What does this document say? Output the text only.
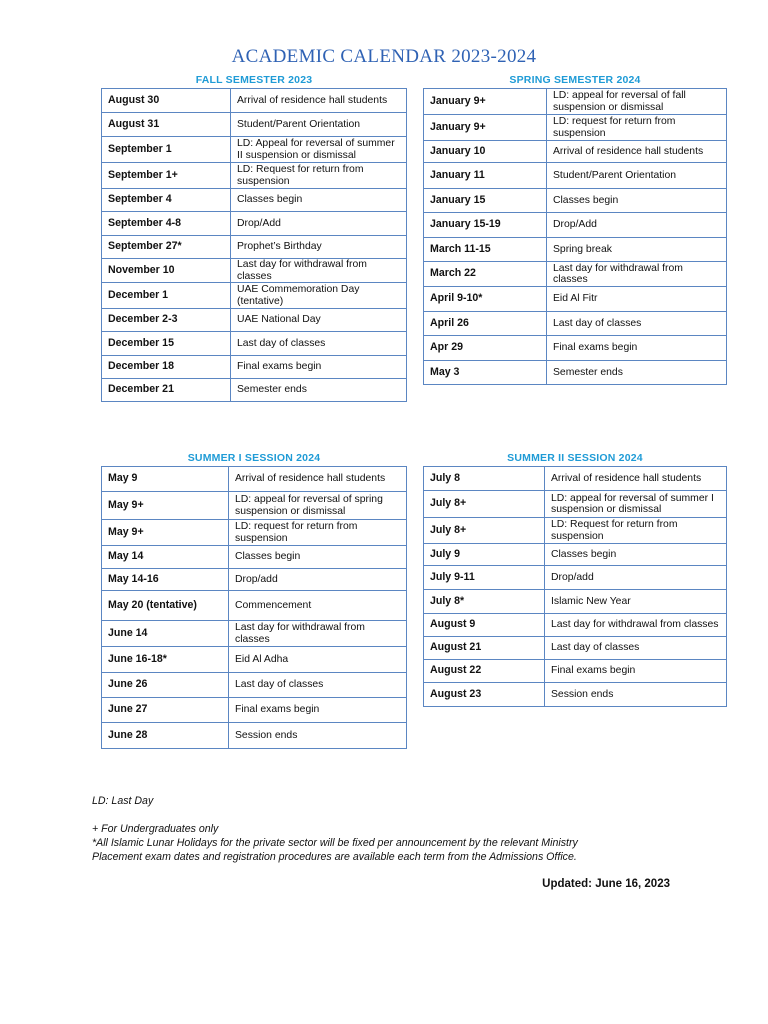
ACADEMIC CALENDAR 2023-2024
FALL SEMESTER 2023
August 30	Arrival of residence hall students
August 31	Student/Parent Orientation
September 1	LD: Appeal for reversal of summer II suspension or dismissal
September 1+	LD: Request for return from suspension
September 4	Classes begin
September 4-8	Drop/Add
September 27*	Prophet’s Birthday
November 10	Last day for withdrawal from classes
December 1	UAE Commemoration Day (tentative)
December 2-3	UAE National Day
December 15	Last day of classes
December 18	Final exams begin
December 21	Semester ends
SPRING SEMESTER 2024
January 9+	LD: appeal for reversal of fall suspension or dismissal
January 9+	LD: request for return from suspension
January 10	Arrival of residence hall students
January 11	Student/Parent Orientation
January 15	Classes begin
January 15-19	Drop/Add
March 11-15	Spring break
March 22	Last day for withdrawal from classes
April 9-10*	Eid Al Fitr
April 26	Last day of classes
Apr 29	Final exams begin
May 3	Semester ends
SUMMER I SESSION 2024
May 9	Arrival of residence hall students
May 9+	LD: appeal for reversal of spring suspension or dismissal
May 9+	LD: request for return from suspension
May 14	Classes begin
May 14-16	Drop/add
May 20 (tentative)	Commencement
June 14	Last day for withdrawal from classes
June 16-18*	Eid Al Adha
June 26	Last day of classes
June 27	Final exams begin
June 28	Session ends
SUMMER II SESSION 2024
July 8	Arrival of residence hall students
July 8+	LD: appeal for reversal of summer I suspension or dismissal
July 8+	LD: Request for return from suspension
July 9	Classes begin
July 9-11	Drop/add
July 8*	Islamic New Year
August 9	Last day for withdrawal from classes
August 21	Last day of classes
August 22	Final exams begin
August 23	Session ends
LD: Last Day
+ For Undergraduates only
*All Islamic Lunar Holidays for the private sector will be fixed per announcement by the relevant Ministry
Placement exam dates and registration procedures are available each term from the Admissions Office.
Updated: June 16, 2023
